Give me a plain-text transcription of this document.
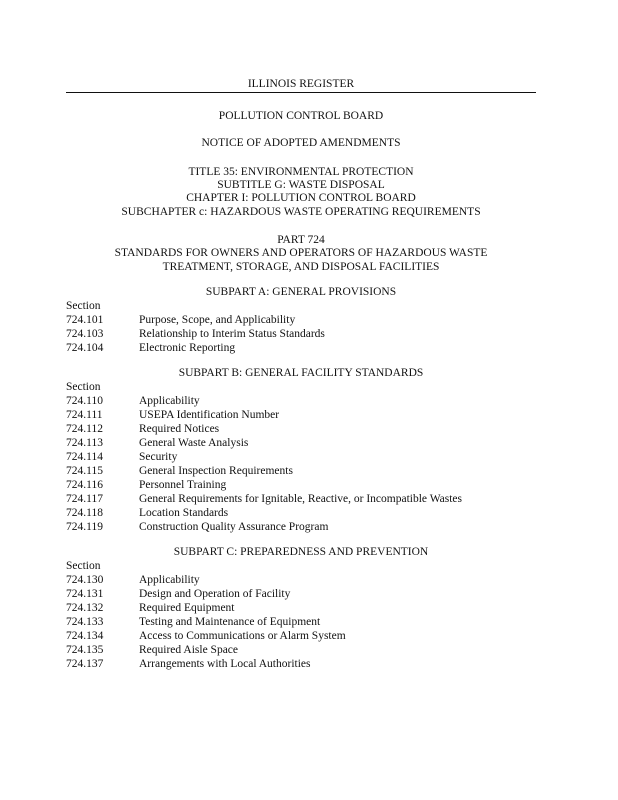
ILLINOIS REGISTER
POLLUTION CONTROL BOARD
NOTICE OF ADOPTED AMENDMENTS
TITLE 35: ENVIRONMENTAL PROTECTION
SUBTITLE G: WASTE DISPOSAL
CHAPTER I: POLLUTION CONTROL BOARD
SUBCHAPTER c: HAZARDOUS WASTE OPERATING REQUIREMENTS
PART 724
STANDARDS FOR OWNERS AND OPERATORS OF HAZARDOUS WASTE
TREATMENT, STORAGE, AND DISPOSAL FACILITIES
SUBPART A: GENERAL PROVISIONS
Section
724.101	Purpose, Scope, and Applicability
724.103	Relationship to Interim Status Standards
724.104	Electronic Reporting
SUBPART B: GENERAL FACILITY STANDARDS
Section
724.110	Applicability
724.111	USEPA Identification Number
724.112	Required Notices
724.113	General Waste Analysis
724.114	Security
724.115	General Inspection Requirements
724.116	Personnel Training
724.117	General Requirements for Ignitable, Reactive, or Incompatible Wastes
724.118	Location Standards
724.119	Construction Quality Assurance Program
SUBPART C: PREPAREDNESS AND PREVENTION
Section
724.130	Applicability
724.131	Design and Operation of Facility
724.132	Required Equipment
724.133	Testing and Maintenance of Equipment
724.134	Access to Communications or Alarm System
724.135	Required Aisle Space
724.137	Arrangements with Local Authorities
